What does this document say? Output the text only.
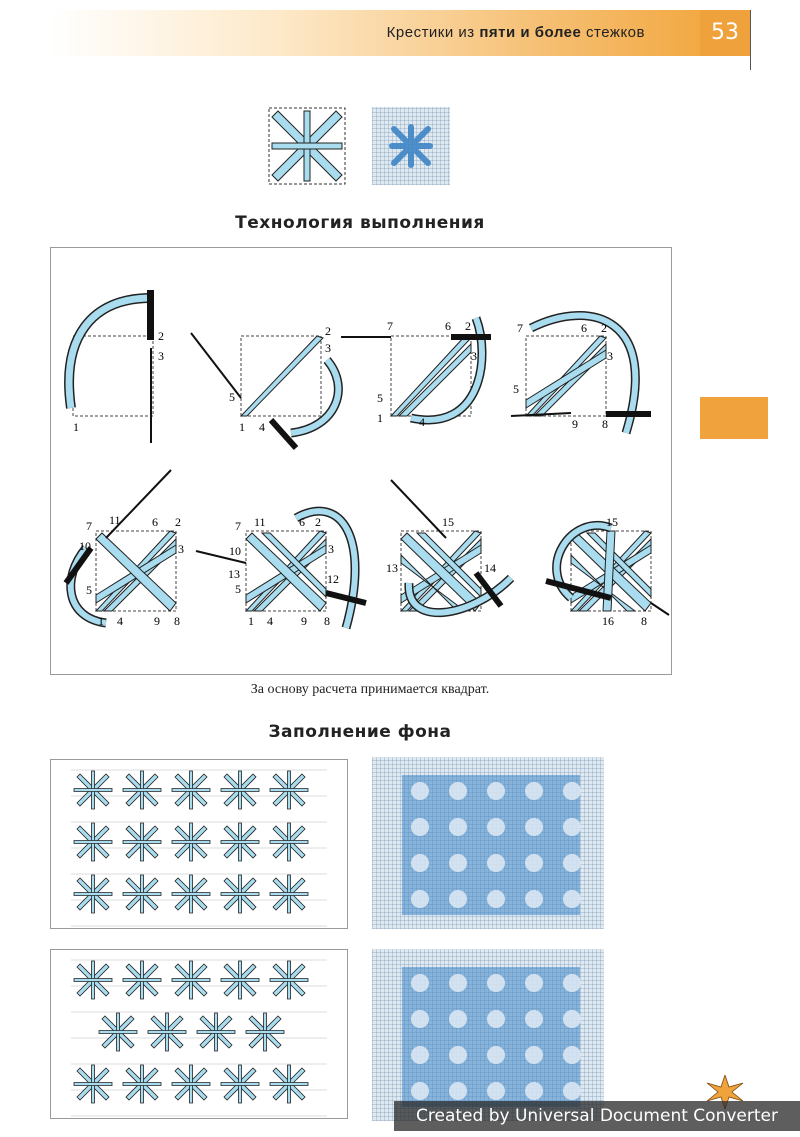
Крестики из пяти и более стежков	53
Технология выполнения
1
2
3
2
3
5
1 4
7	6 2
3
5
1	4
7	6 2
3
5
9 8
11	6 2
7
10	3
5
1 4	9 8
7 11	6 2
10	3
13
5
12
1 4 9 8
15
13	14
15
16 8
За основу расчета принимается квадрат.
Заполнение фона
Created by Universal Document Converter
